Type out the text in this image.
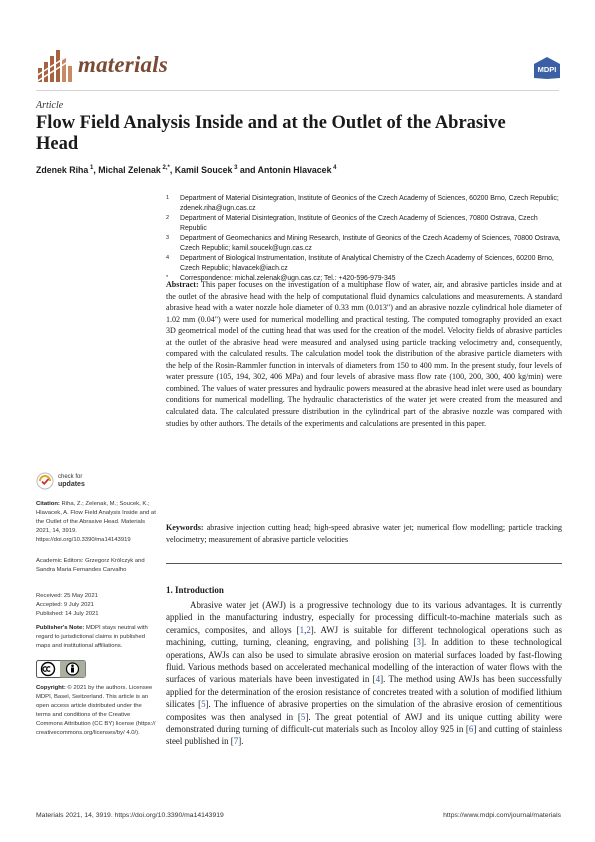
materials	MDPI
Article
Flow Field Analysis Inside and at the Outlet of the Abrasive Head
Zdenek Riha $^1$, Michal Zelenak $^{2,*}$, Kamil Soucek $^3$ and Antonin Hlavacek $^4$
1 Department of Material Disintegration, Institute of Geonics of the Czech Academy of Sciences, 60200 Brno, Czech Republic; zdenek.riha@ugn.cas.cz
2 Department of Material Disintegration, Institute of Geonics of the Czech Academy of Sciences, 70800 Ostrava, Czech Republic
3 Department of Geomechanics and Mining Research, Institute of Geonics of the Czech Academy of Sciences, 70800 Ostrava, Czech Republic; kamil.soucek@ugn.cas.cz
4 Department of Biological Instrumentation, Institute of Analytical Chemistry of the Czech Academy of Sciences, 60200 Brno, Czech Republic; hlavacek@iach.cz
* Correspondence: michal.zelenak@ugn.cas.cz; Tel.: +420-596-979-345
Abstract: This paper focuses on the investigation of a multiphase flow of water, air, and abrasive particles inside and at the outlet of the abrasive head with the help of computational fluid dynamics calculations and measurements. A standard abrasive head with a water nozzle hole diameter of 0.33 mm (0.013") and an abrasive nozzle cylindrical hole diameter of 1.02 mm (0.04") were used for numerical modelling and practical testing. The computed tomography provided an exact 3D geometrical model of the cutting head that was used for the creation of the model. Velocity fields of abrasive particles at the outlet of the abrasive head were measured and analysed using particle tracking velocimetry and, consequently, compared with the calculated results. The calculation model took the distribution of the abrasive particle diameters with the help of the Rosin-Rammler function in intervals of diameters from 150 to 400 mm. In the present study, four levels of water pressure (105, 194, 302, 406 MPa) and four levels of abrasive mass flow rate (100, 200, 300, 400 kg/min) were combined. The values of water pressures and hydraulic powers measured at the abrasive head inlet were used as boundary conditions for numerical modelling. The hydraulic characteristics of the water jet were created from the measured and calculated data. The calculated pressure distribution in the cylindrical part of the abrasive nozzle was compared with studies by other authors. The details of the experiments and calculations are presented in this paper.
Keywords: abrasive injection cutting head; high-speed abrasive water jet; numerical flow modelling; particle tracking velocimetry; measurement of abrasive particle velocities
check for
updates
Citation: Riha, Z.; Zelenak, M.; Soucek, K.; Hlavacek, A. Flow Field Analysis Inside and at the Outlet of the Abrasive Head. Materials 2021, 14, 3919. https://doi.org/10.3390/ma14143919
Academic Editors: Grzegorz Królczyk and Sandra Maria Fernandes Carvalho
Received: 25 May 2021
Accepted: 9 July 2021
Published: 14 July 2021
Publisher's Note: MDPI stays neutral with regard to jurisdictional claims in published maps and institutional affiliations.
Copyright: © 2021 by the authors. Licensee MDPI, Basel, Switzerland. This article is an open access article distributed under the terms and conditions of the Creative Commons Attribution (CC BY) license (https:// creativecommons.org/licenses/by/ 4.0/).
1. Introduction

Abrasive water jet (AWJ) is a progressive technology due to its various advantages. It is currently applied in the manufacturing industry, especially for processing difficult-to-machine materials such as ceramics, composites, and alloys [1,2]. AWJ is suitable for different technological operations such as machining, cutting, turning, cleaning, engraving, and polishing [3]. In addition to these technological operations, AWJs can also be used to simulate abrasive erosion on material surfaces loaded by fast-flowing fluid. Various methods based on accelerated mechanical modelling of the interaction of water flows with the surfaces of various materials have been investigated in [4]. The method using AWJs has been successfully applied for the determination of the erosion resistance of concretes treated with a solution of modified lithium silicates [5]. The influence of abrasive properties on the simulation of the abrasive erosion of cementitious composites was then analysed in [5]. The great potential of AWJ and its unique cutting ability were demonstrated during turning of difficult-cut materials such as Incoloy alloy 925 in [6] and cutting of stainless steel published in [7].

Materials 2021, 14, 3919. https://doi.org/10.3390/ma14143919	https://www.mdpi.com/journal/materials
